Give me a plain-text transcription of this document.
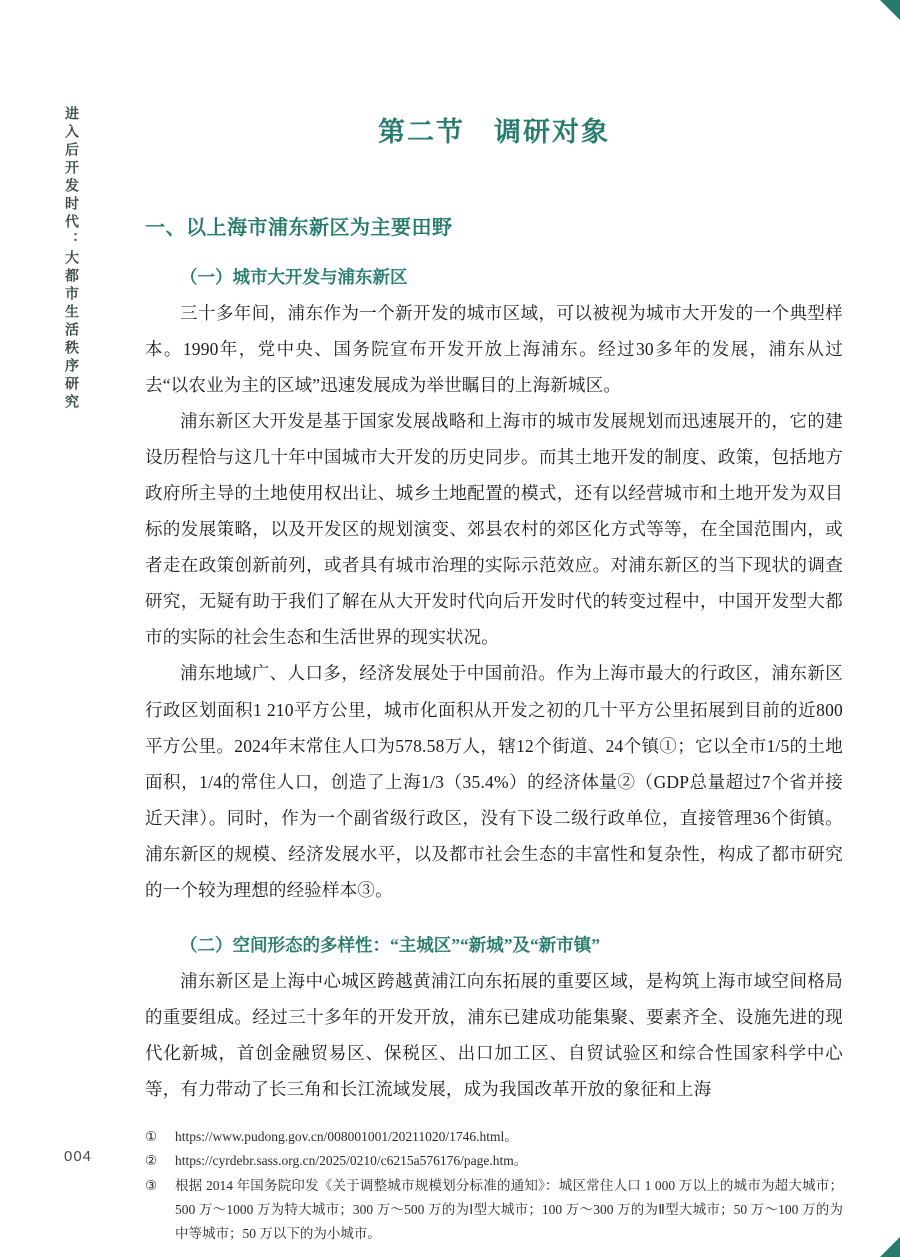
进入后开发时代：大都市生活秩序研究	第二节　调研对象
一、以上海市浦东新区为主要田野
（一）城市大开发与浦东新区

三十多年间，浦东作为一个新开发的城市区域，可以被视为城市大开发的一个典型样本。1990年，党中央、国务院宣布开发开放上海浦东。经过30多年的发展，浦东从过去“以农业为主的区域”迅速发展成为举世瞩目的上海新城区。

浦东新区大开发是基于国家发展战略和上海市的城市发展规划而迅速展开的，它的建设历程恰与这几十年中国城市大开发的历史同步。而其土地开发的制度、政策，包括地方政府所主导的土地使用权出让、城乡土地配置的模式，还有以经营城市和土地开发为双目标的发展策略，以及开发区的规划演变、郊县农村的郊区化方式等等，在全国范围内，或者走在政策创新前列，或者具有城市治理的实际示范效应。对浦东新区的当下现状的调查研究，无疑有助于我们了解在从大开发时代向后开发时代的转变过程中，中国开发型大都市的实际的社会生态和生活世界的现实状况。

浦东地域广、人口多，经济发展处于中国前沿。作为上海市最大的行政区，浦东新区行政区划面积1 210平方公里，城市化面积从开发之初的几十平方公里拓展到目前的近800平方公里。2024年末常住人口为578.58万人，辖12个街道、24个镇①；它以全市1/5的土地面积，1/4的常住人口，创造了上海1/3（35.4%）的经济体量②（GDP总量超过7个省并接近天津）。同时，作为一个副省级行政区，没有下设二级行政单位，直接管理36个街镇。浦东新区的规模、经济发展水平，以及都市社会生态的丰富性和复杂性，构成了都市研究的一个较为理想的经验样本③。

（二）空间形态的多样性：“主城区”“新城”及“新市镇”

浦东新区是上海中心城区跨越黄浦江向东拓展的重要区域，是构筑上海市域空间格局的重要组成。经过三十多年的开发开放，浦东已建成功能集聚、要素齐全、设施先进的现代化新城，首创金融贸易区、保税区、出口加工区、自贸试验区和综合性国家科学中心等，有力带动了长三角和长江流域发展，成为我国改革开放的象征和上海

①	https://www.pudong.gov.cn/008001001/20211020/1746.html。
②	https://cyrdebr.sass.org.cn/2025/0210/c6215a576176/page.htm。
③	根据 2014 年国务院印发《关于调整城市规模划分标准的通知》：城区常住人口 1 000 万以上的城市为超大城市；500 万～1000 万为特大城市；300 万～500 万的为Ⅰ型大城市；100 万～300 万的为Ⅱ型大城市；50 万～100 万的为中等城市；50 万以下的为小城市。
004
